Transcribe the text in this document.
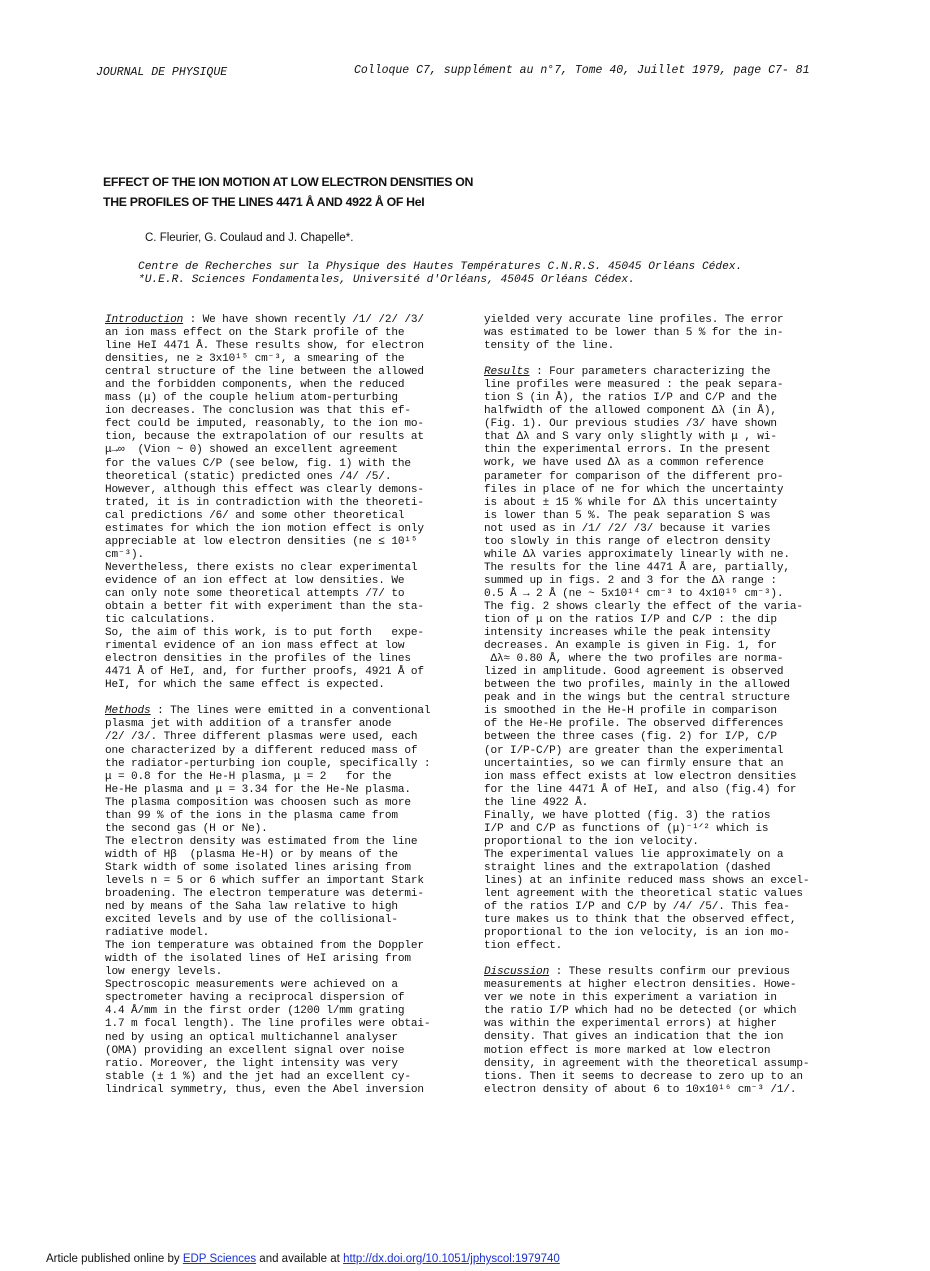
JOURNAL DE PHYSIQUE	Colloque C7, supplément au n°7, Tome 40, Juillet 1979, page C7- 81
EFFECT OF THE ION MOTION AT LOW ELECTRON DENSITIES ON
THE PROFILES OF THE LINES 4471 Å AND 4922 Å OF HeI
C. Fleurier, G. Coulaud and J. Chapelle*.
Centre de Recherches sur la Physique des Hautes Températures C.N.R.S. 45045 Orléans Cédex.
*U.E.R. Sciences Fondamentales, Université d'Orléans, 45045 Orléans Cédex.

Introduction : We have shown recently /1/ /2/ /3/

an ion mass effect on the Stark profile of the

line HeI 4471 Å. These results show, for electron

densities, ne ≥ 3x10¹⁵ cm⁻³, a smearing of the

central structure of the line between the allowed

and the forbidden components, when the reduced

mass (μ) of the couple helium atom-perturbing

ion decreases. The conclusion was that this ef-

fect could be imputed, reasonably, to the ion mo-

tion, because the extrapolation of our results at

μ→∞  (Vion ~ 0) showed an excellent agreement

for the values C/P (see below, fig. 1) with the

theoretical (static) predicted ones /4/ /5/.

However, although this effect was clearly demons-

trated, it is in contradiction with the theoreti-

cal predictions /6/ and some other theoretical

estimates for which the ion motion effect is only

appreciable at low electron densities (ne ≤ 10¹⁵

cm⁻³).

Nevertheless, there exists no clear experimental

evidence of an ion effect at low densities. We

can only note some theoretical attempts /7/ to

obtain a better fit with experiment than the sta-

tic calculations.

So, the aim of this work, is to put forth   expe-

rimental evidence of an ion mass effect at low

electron densities in the profiles of the lines

4471 Å of HeI, and, for further proofs, 4921 Å of

HeI, for which the same effect is expected.

Methods : The lines were emitted in a conventional

plasma jet with addition of a transfer anode

/2/ /3/. Three different plasmas were used, each

one characterized by a different reduced mass of

the radiator-perturbing ion couple, specifically :

μ = 0.8 for the He-H plasma, μ = 2   for the

He-He plasma and μ = 3.34 for the He-Ne plasma.

The plasma composition was choosen such as more

than 99 % of the ions in the plasma came from

the second gas (H or Ne).

The electron density was estimated from the line

width of Hβ  (plasma He-H) or by means of the

Stark width of some isolated lines arising from

levels n = 5 or 6 which suffer an important Stark

broadening. The electron temperature was determi-

ned by means of the Saha law relative to high

excited levels and by use of the collisional-

radiative model.

The ion temperature was obtained from the Doppler

width of the isolated lines of HeI arising from

low energy levels.

Spectroscopic measurements were achieved on a

spectrometer having a reciprocal dispersion of

4.4 Å/mm in the first order (1200 l/mm grating

1.7 m focal length). The line profiles were obtai-

ned by using an optical multichannel analyser

(OMA) providing an excellent signal over noise

ratio. Moreover, the light intensity was very

stable (± 1 %) and the jet had an excellent cy-

lindrical symmetry, thus, even the Abel inversion

yielded very accurate line profiles. The error

was estimated to be lower than 5 % for the in-

tensity of the line.

Results : Four parameters characterizing the

line profiles were measured : the peak separa-

tion S (in Å), the ratios I/P and C/P and the

halfwidth of the allowed component Δλ (in Å),

(Fig. 1). Our previous studies /3/ have shown

that Δλ and S vary only slightly with μ , wi-

thin the experimental errors. In the present

work, we have used Δλ as a common reference

parameter for comparison of the different pro-

files in place of ne for which the uncertainty

is about ± 15 % while for Δλ this uncertainty

is lower than 5 %. The peak separation S was

not used as in /1/ /2/ /3/ because it varies

too slowly in this range of electron density

while Δλ varies approximately linearly with ne.

The results for the line 4471 Å are, partially,

summed up in figs. 2 and 3 for the Δλ range :

0.5 Å → 2 Å (ne ~ 5x10¹⁴ cm⁻³ to 4x10¹⁵ cm⁻³).

The fig. 2 shows clearly the effect of the varia-

tion of μ on the ratios I/P and C/P : the dip

intensity increases while the peak intensity

decreases. An example is given in Fig. 1, for

Δλ≈ 0.80 Å, where the two profiles are norma-

lized in amplitude. Good agreement is observed

between the two profiles, mainly in the allowed

peak and in the wings but the central structure

is smoothed in the He-H profile in comparison

of the He-He profile. The observed differences

between the three cases (fig. 2) for I/P, C/P

(or I/P-C/P) are greater than the experimental

uncertainties, so we can firmly ensure that an

ion mass effect exists at low electron densities

for the line 4471 Å of HeI, and also (fig.4) for

the line 4922 Å.

Finally, we have plotted (fig. 3) the ratios

I/P and C/P as functions of (μ)⁻¹ᐟ² which is

proportional to the ion velocity.

The experimental values lie approximately on a

straight lines and the extrapolation (dashed

lines) at an infinite reduced mass shows an excel-

lent agreement with the theoretical static values

of the ratios I/P and C/P by /4/ /5/. This fea-

ture makes us to think that the observed effect,

proportional to the ion velocity, is an ion mo-

tion effect.

Discussion : These results confirm our previous

measurements at higher electron densities. Howe-

ver we note in this experiment a variation in

the ratio I/P which had no be detected (or which

was within the experimental errors) at higher

density. That gives an indication that the ion

motion effect is more marked at low electron

density, in agreement with the theoretical assump-

tions. Then it seems to decrease to zero up to an

electron density of about 6 to 10x10¹⁶ cm⁻³ /1/.

Article published online by EDP Sciences and available at http://dx.doi.org/10.1051/jphyscol:1979740
